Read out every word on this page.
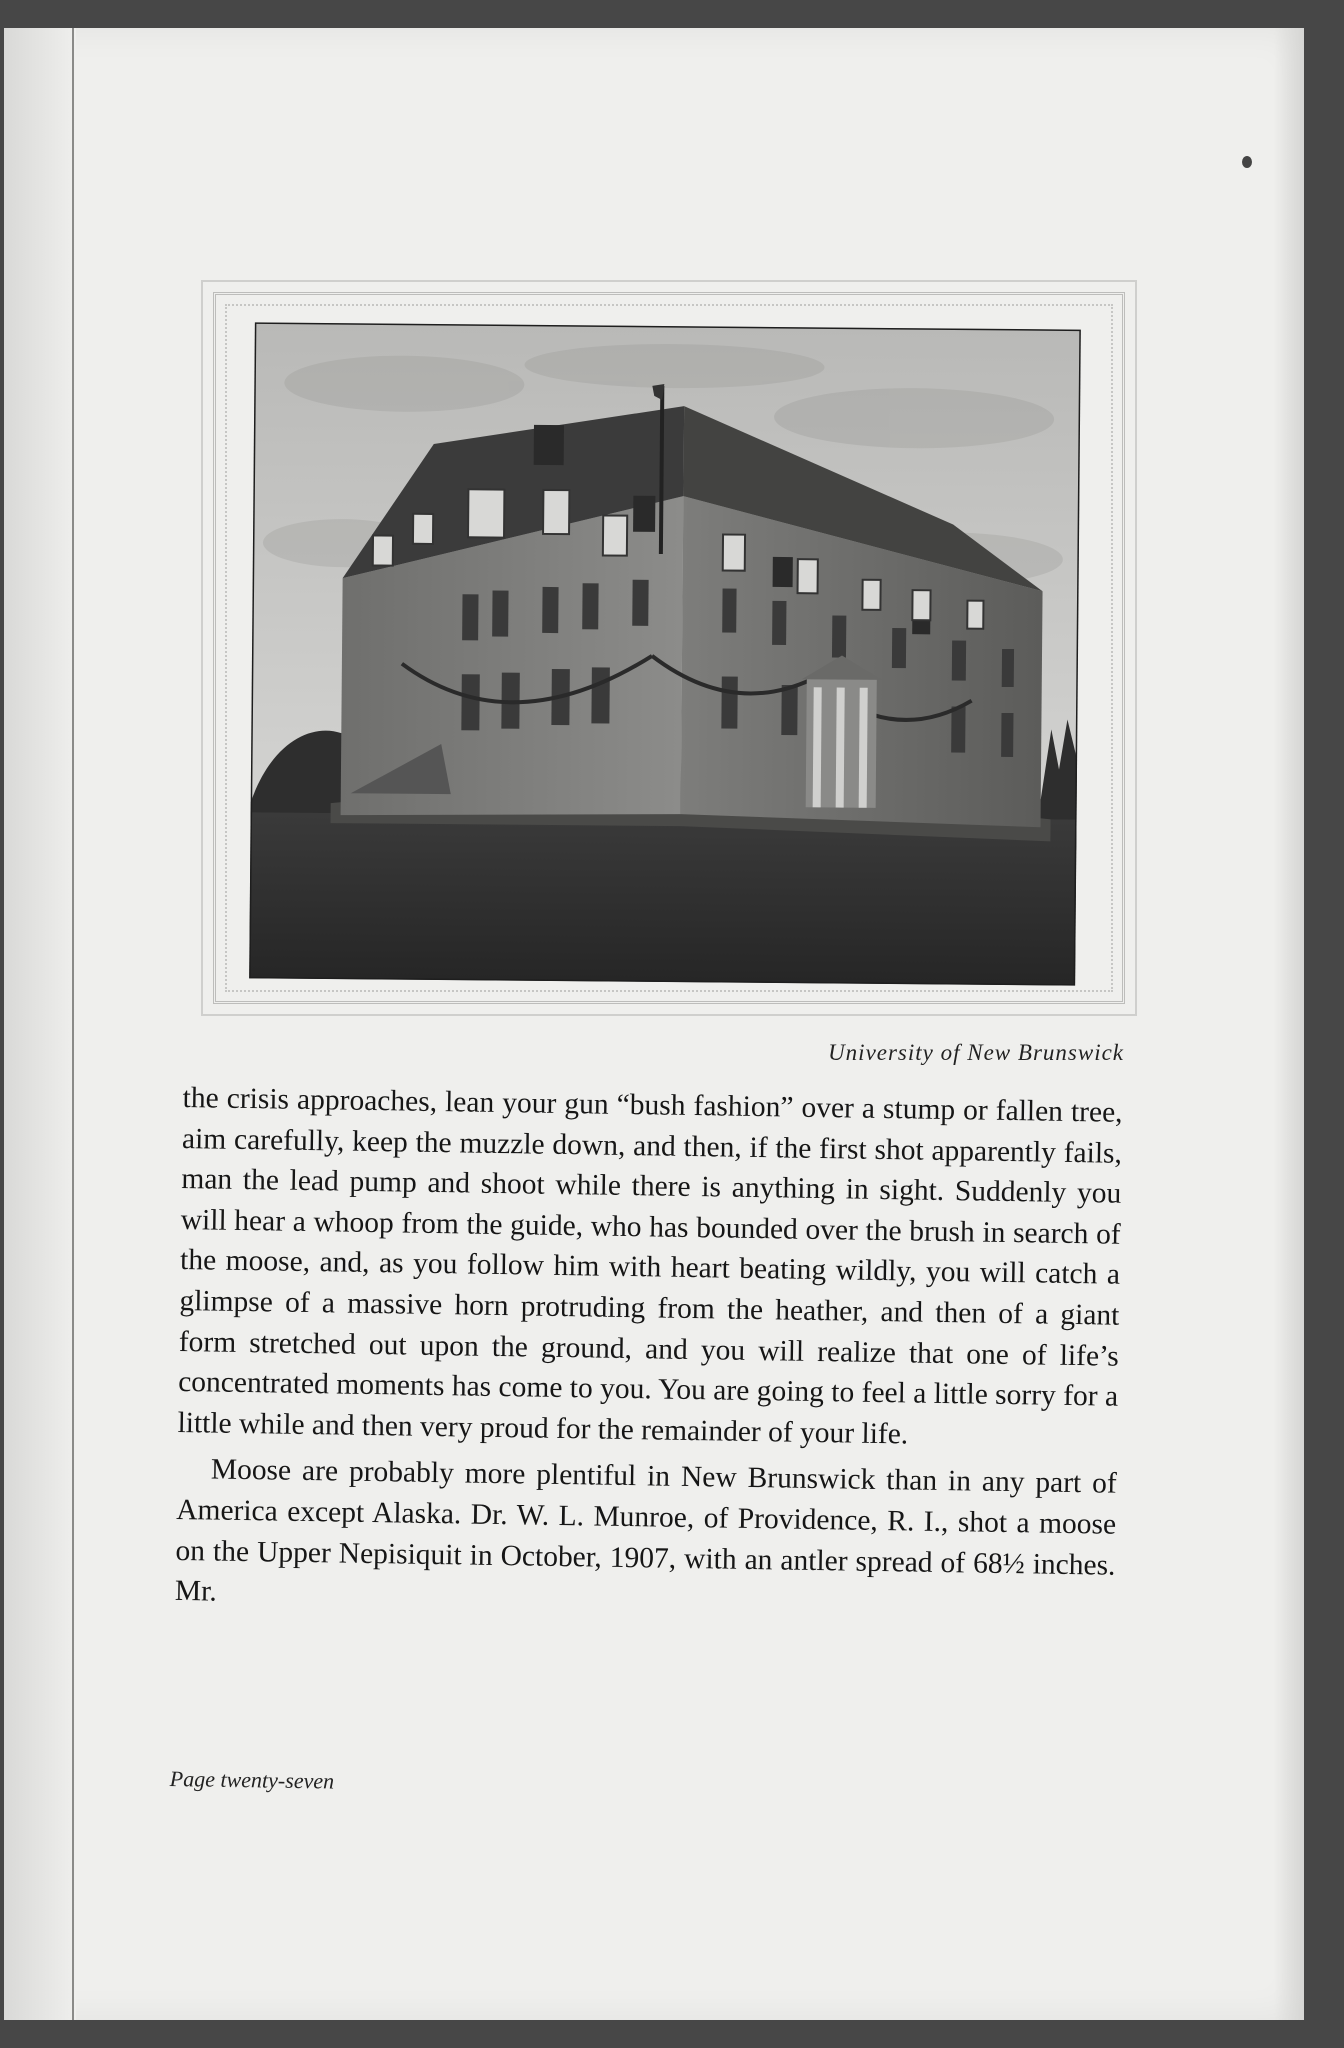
University of New Brunswick

the crisis approaches, lean your gun “bush fashion” over a stump or fallen tree, aim carefully, keep the muzzle down, and then, if the first shot apparently fails, man the lead pump and shoot while there is anything in sight. Suddenly you will hear a whoop from the guide, who has bounded over the brush in search of the moose, and, as you follow him with heart beating wildly, you will catch a glimpse of a massive horn protruding from the heather, and then of a giant form stretched out upon the ground, and you will realize that one of life’s concentrated moments has come to you. You are going to feel a little sorry for a little while and then very proud for the remainder of your life.

Moose are probably more plentiful in New Brunswick than in any part of America except Alaska. Dr. W. L. Munroe, of Providence, R. I., shot a moose on the Upper Nepisiquit in October, 1907, with an antler spread of 68½ inches. Mr.

Page twenty-seven
